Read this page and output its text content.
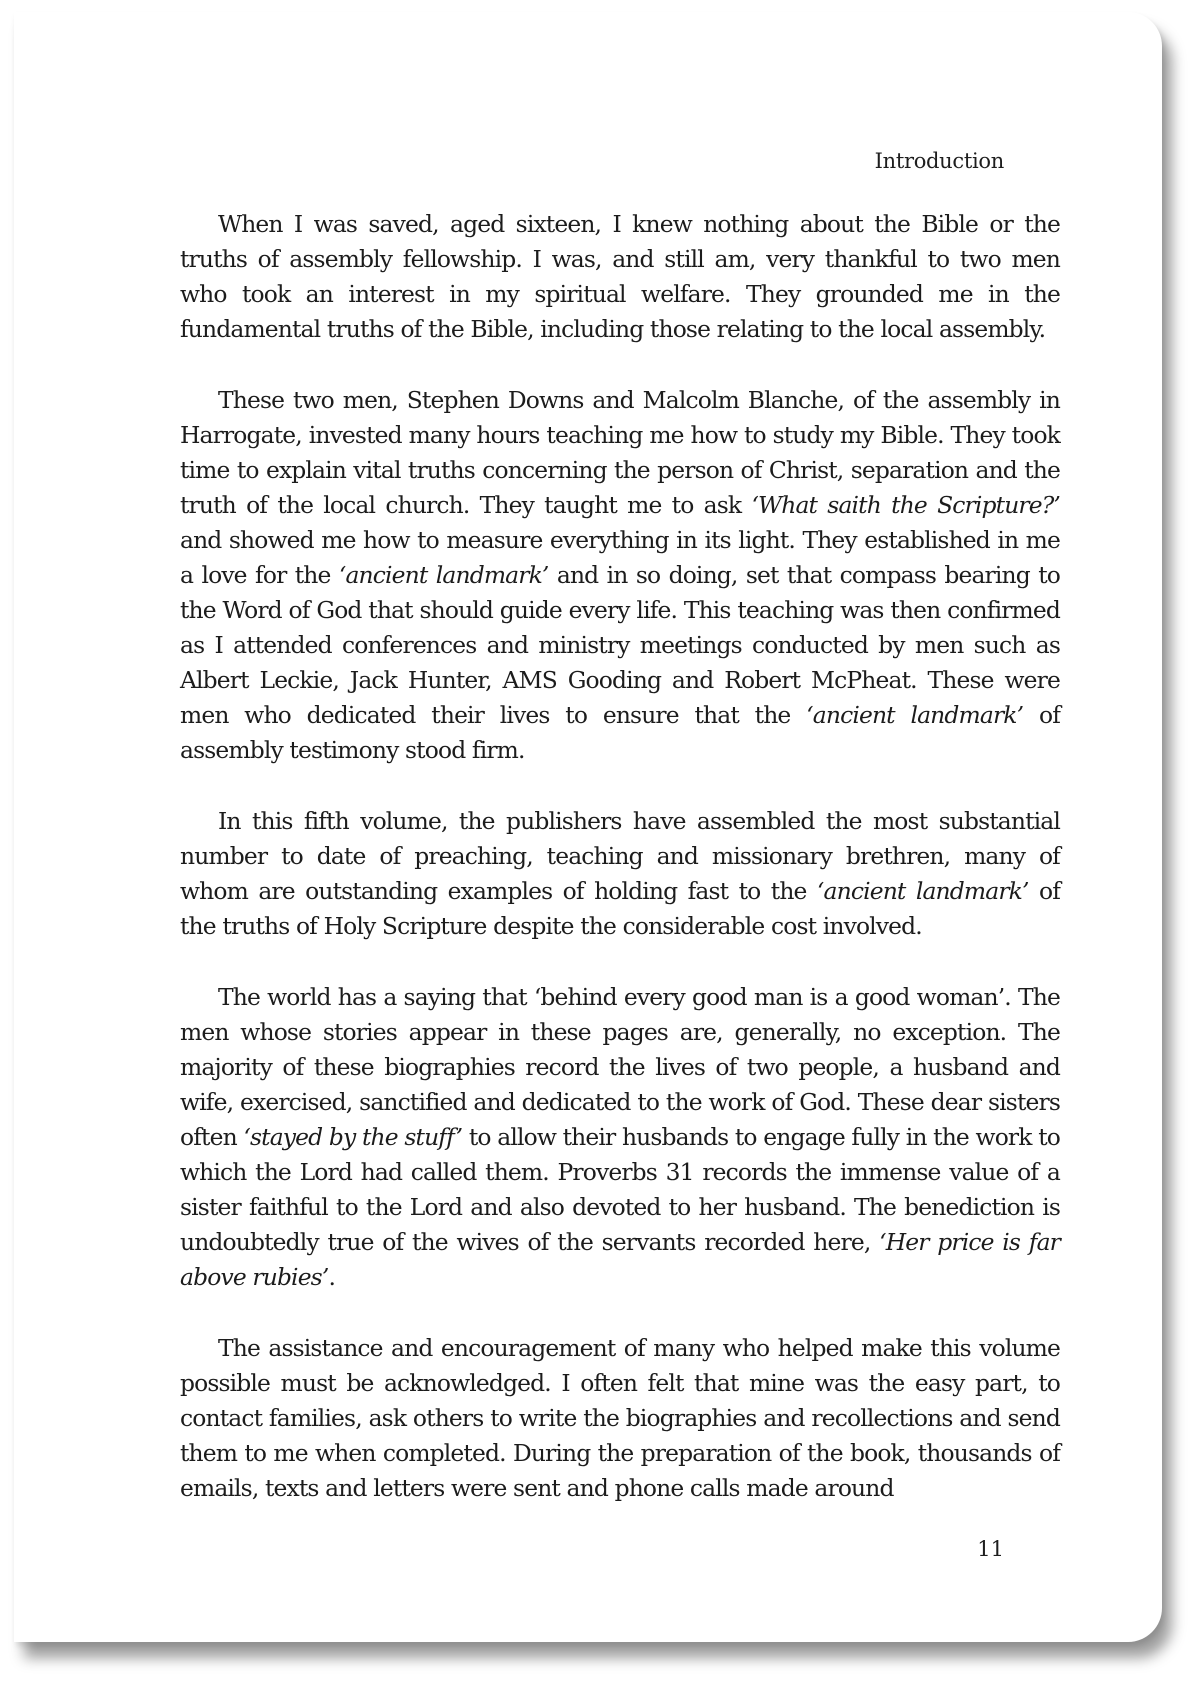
Introduction

When I was saved, aged sixteen, I knew nothing about the Bible or the truths of assembly fellowship. I was, and still am, very thankful to two men who took an interest in my spiritual welfare. They grounded me in the fundamental truths of the Bible, including those relating to the local assembly.

These two men, Stephen Downs and Malcolm Blanche, of the assembly in Harrogate, invested many hours teaching me how to study my Bible. They took time to explain vital truths concerning the person of Christ, separation and the truth of the local church. They taught me to ask ‘What saith the Scripture?’ and showed me how to measure everything in its light. They established in me a love for the ‘ancient landmark’ and in so doing, set that compass bearing to the Word of God that should guide every life. This teaching was then confirmed as I attended conferences and ministry meetings conducted by men such as Albert Leckie, Jack Hunter, AMS Gooding and Robert McPheat. These were men who dedicated their lives to ensure that the ‘ancient landmark’ of assembly testimony stood firm.

In this fifth volume, the publishers have assembled the most substantial number to date of preaching, teaching and missionary brethren, many of whom are outstanding examples of holding fast to the ‘ancient landmark’ of the truths of Holy Scripture despite the considerable cost involved.

The world has a saying that ‘behind every good man is a good woman’. The men whose stories appear in these pages are, generally, no exception. The majority of these biographies record the lives of two people, a husband and wife, exercised, sanctified and dedicated to the work of God. These dear sisters often ‘stayed by the stuff’ to allow their husbands to engage fully in the work to which the Lord had called them. Proverbs 31 records the immense value of a sister faithful to the Lord and also devoted to her husband. The benediction is undoubtedly true of the wives of the servants recorded here, ‘Her price is far above rubies’.

The assistance and encouragement of many who helped make this volume possible must be acknowledged. I often felt that mine was the easy part, to contact families, ask others to write the biographies and recollections and send them to me when completed. During the preparation of the book, thousands of emails, texts and letters were sent and phone calls made around

11
